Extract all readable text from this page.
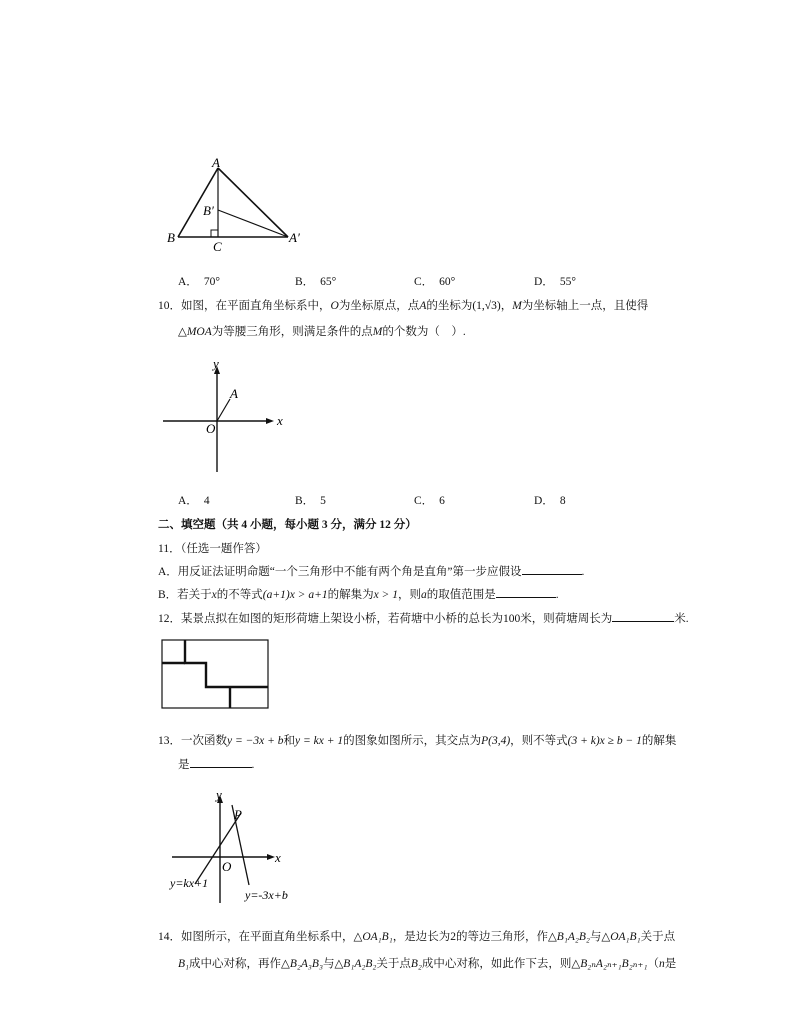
A
B
B′
C
A′
A． 70°	B． 65°	C． 60°	D． 55°
10．如图，在平面直角坐标系中，O为坐标原点，点A的坐标为(1,√3)，M为坐标轴上一点，且使得
△MOA为等腰三角形，则满足条件的点M的个数为（　）.
y
x
A
O
A． 4	B． 5	C． 6	D． 8
二、填空题（共 4 小题，每小题 3 分，满分 12 分）
11．（任选一题作答）
A．用反证法证明命题“一个三角形中不能有两个角是直角”第一步应假设	.
B．若关于x的不等式(a+1)x > a+1的解集为x > 1，则a的取值范围是	.
12．某景点拟在如图的矩形荷塘上架设小桥，若荷塘中小桥的总长为100米，则荷塘周长为	米.
13．一次函数y = −3x + b和y = kx + 1的图象如图所示，其交点为P(3,4)，则不等式(3 + k)x ≥ b − 1的解集
是	.
y
x
P
O
y=kx+1
y=-3x+b
14．如图所示，在平面直角坐标系中，△OA₁B₁，是边长为2的等边三角形，作△B₁A₂B₂与△OA₁B₁关于点
B₁成中心对称，再作△B₂A₃B₃与△B₁A₂B₂关于点B₂成中心对称，如此作下去，则△B₂ₙA₂ₙ₊₁B₂ₙ₊₁（n是
